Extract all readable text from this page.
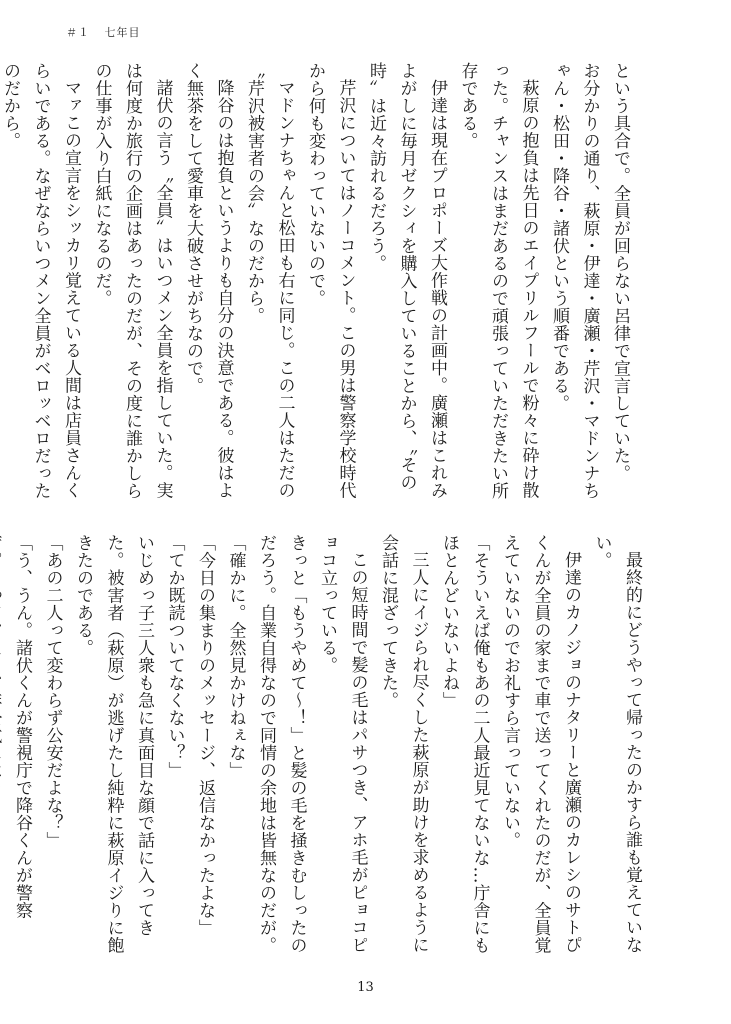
＃１ 七年目

という具合で。全員が回らない呂律で宣言していた。

お分かりの通り、萩原・伊達・廣瀬・芹沢・マドンナちゃん・松田・降谷・諸伏という順番である。

萩原の抱負は先日のエイプリルフールで粉々に砕け散った。チャンスはまだあるので頑張っていただきたい所存である。

伊達は現在プロポーズ大作戦の計画中。廣瀬はこれみよがしに毎月ゼクシィを購入していることから、〝その時〟は近々訪れるだろう。

芹沢についてはノーコメント。この男は警察学校時代から何も変わっていないので。

マドンナちゃんと松田も右に同じ。この二人はただの〝芹沢被害者の会〟なのだから。

降谷のは抱負というよりも自分の決意である。彼はよく無茶をして愛車を大破させがちなので。

諸伏の言う〝全員〟はいつメン全員を指していた。実は何度か旅行の企画はあったのだが、その度に誰かしらの仕事が入り白紙になるのだ。

マァこの宣言をシッカリ覚えている人間は店員さんくらいである。なぜならいつメン全員がベロッベロだったのだから。

最終的にどうやって帰ったのかすら誰も覚えていない。

伊達のカノジョのナタリーと廣瀬のカレシのサトぴくんが全員の家まで車で送ってくれたのだが、全員覚えていないのでお礼すら言っていない。

「そういえば俺もあの二人最近見てないな…庁舎にもほとんどいないよね」

三人にイジられ尽くした萩原が助けを求めるように会話に混ざってきた。

この短時間で髪の毛はパサつき、アホ毛がピョコピョコ立っている。

きっと「もうやめて～！」と髪の毛を掻きむしったのだろう。自業自得なので同情の余地は皆無なのだが。

「確かに。全然見かけねぇな」

「今日の集まりのメッセージ、返信なかったよな」

「てか既読ついてなくない？」

いじめっ子三人衆も急に真面目な顔で話に入ってきた。被害者（萩原）が逃げたし純粋に萩原イジりに飽きたのである。

「あの二人って変わらず公安だよな？」

「う、うん。諸伏くんが警視庁で降谷くんが警察

13
